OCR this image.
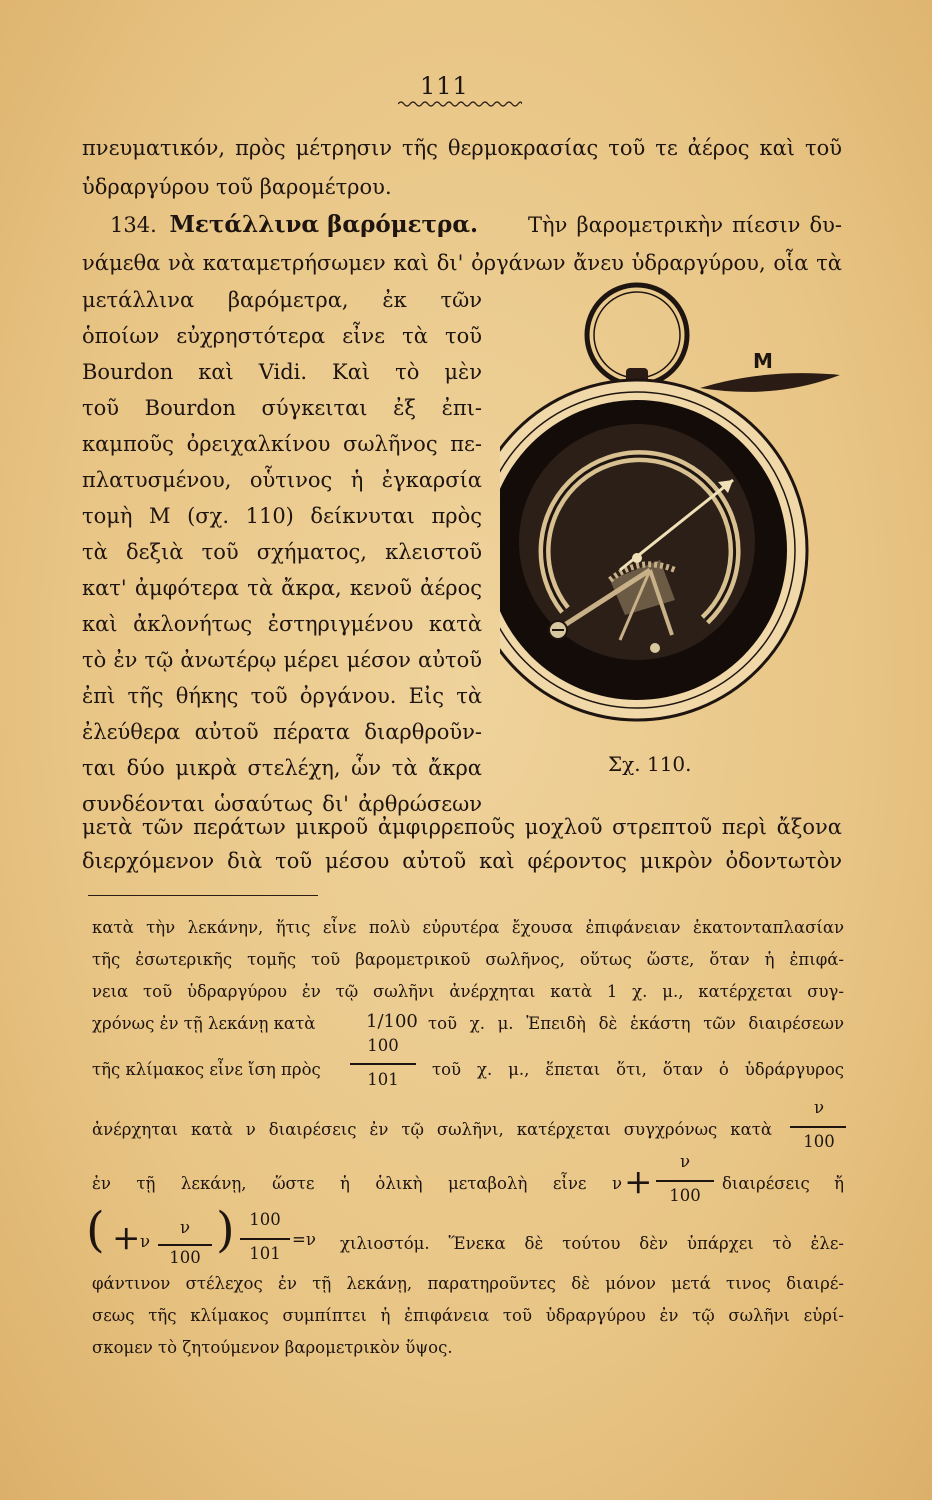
111
πνευματικόν, πρὸς μέτρησιν τῆς θερμοκρασίας τοῦ τε ἀέρος καὶ τοῦ
ὑδραργύρου τοῦ βαρομέτρου.
134. Μετάλλινα βαρόμετρα. Τὴν βαρομετρικὴν πίεσιν δυ-
νάμεθα νὰ καταμετρήσωμεν καὶ δι' ὀργάνων ἄνευ ὑδραργύρου, οἷα τὰ
μετάλλινα βαρόμετρα, ἐκ τῶν
ὁποίων εὐχρηστότερα εἶνε τὰ τοῦ
Bourdon καὶ Vidi. Καὶ τὸ μὲν
τοῦ Bourdon σύγκειται ἐξ ἐπι-
καμποῦς ὀρειχαλκίνου σωλῆνος πε-
πλατυσμένου, οὗτινος ἡ ἐγκαρσία
τομὴ Μ (σχ. 110) δείκνυται πρὸς
τὰ δεξιὰ τοῦ σχήματος, κλειστοῦ
κατ' ἀμφότερα τὰ ἄκρα, κενοῦ ἀέρος
καὶ ἀκλονήτως ἐστηριγμένου κατὰ
τὸ ἐν τῷ ἀνωτέρῳ μέρει μέσον αὐτοῦ
ἐπὶ τῆς θήκης τοῦ ὀργάνου. Εἰς τὰ
ἐλεύθερα αὐτοῦ πέρατα διαρθροῦν-
ται δύο μικρὰ στελέχη, ὧν τὰ ἄκρα
συνδέονται ὡσαύτως δι' ἀρθρώσεων
Μ
Σχ. 110.
μετὰ τῶν περάτων μικροῦ ἀμφιρρεποῦς μοχλοῦ στρεπτοῦ περὶ ἄξονα
διερχόμενον διὰ τοῦ μέσου αὐτοῦ καὶ φέροντος μικρὸν ὀδοντωτὸν
κατὰ τὴν λεκάνην, ἥτις εἶνε πολὺ εὐρυτέρα ἔχουσα ἐπιφάνειαν ἑκατονταπλασίαν
τῆς ἐσωτερικῆς τομῆς τοῦ βαρομετρικοῦ σωλῆνος, οὕτως ὥστε, ὅταν ἡ ἐπιφά-
νεια τοῦ ὑδραργύρου ἐν τῷ σωλῆνι ἀνέρχηται κατὰ 1 χ. μ., κατέρχεται συγ-
χρόνως ἐν τῇ λεκάνῃ κατὰ	1/100 τοῦ χ. μ. Ἐπειδὴ δὲ ἑκάστη τῶν διαιρέσεων
τῆς κλίμακος εἶνε ἴση πρὸς
100
101
τοῦ χ. μ., ἕπεται ὅτι, ὅταν ὁ ὑδράργυρος
ἀνέρχηται κατὰ ν διαιρέσεις ἐν τῷ σωλῆνι, κατέρχεται συγχρόνως κατὰ
ν
100
ἐν τῇ λεκάνῃ, ὥστε ἡ ὁλικὴ μεταβολὴ εἶνε ν +
ν
100
διαιρέσεις ἤ
( + ν
ν
100 ) 100
101
=ν χιλιοστόμ. Ἕνεκα δὲ τούτου δὲν ὑπάρχει τὸ ἐλε-
φάντινον στέλεχος ἐν τῇ λεκάνῃ, παρατηροῦντες δὲ μόνον μετά τινος διαιρέ-
σεως τῆς κλίμακος συμπίπτει ἡ ἐπιφάνεια τοῦ ὑδραργύρου ἐν τῷ σωλῆνι εὑρί-
σκομεν τὸ ζητούμενον βαρομετρικὸν ὕψος.
